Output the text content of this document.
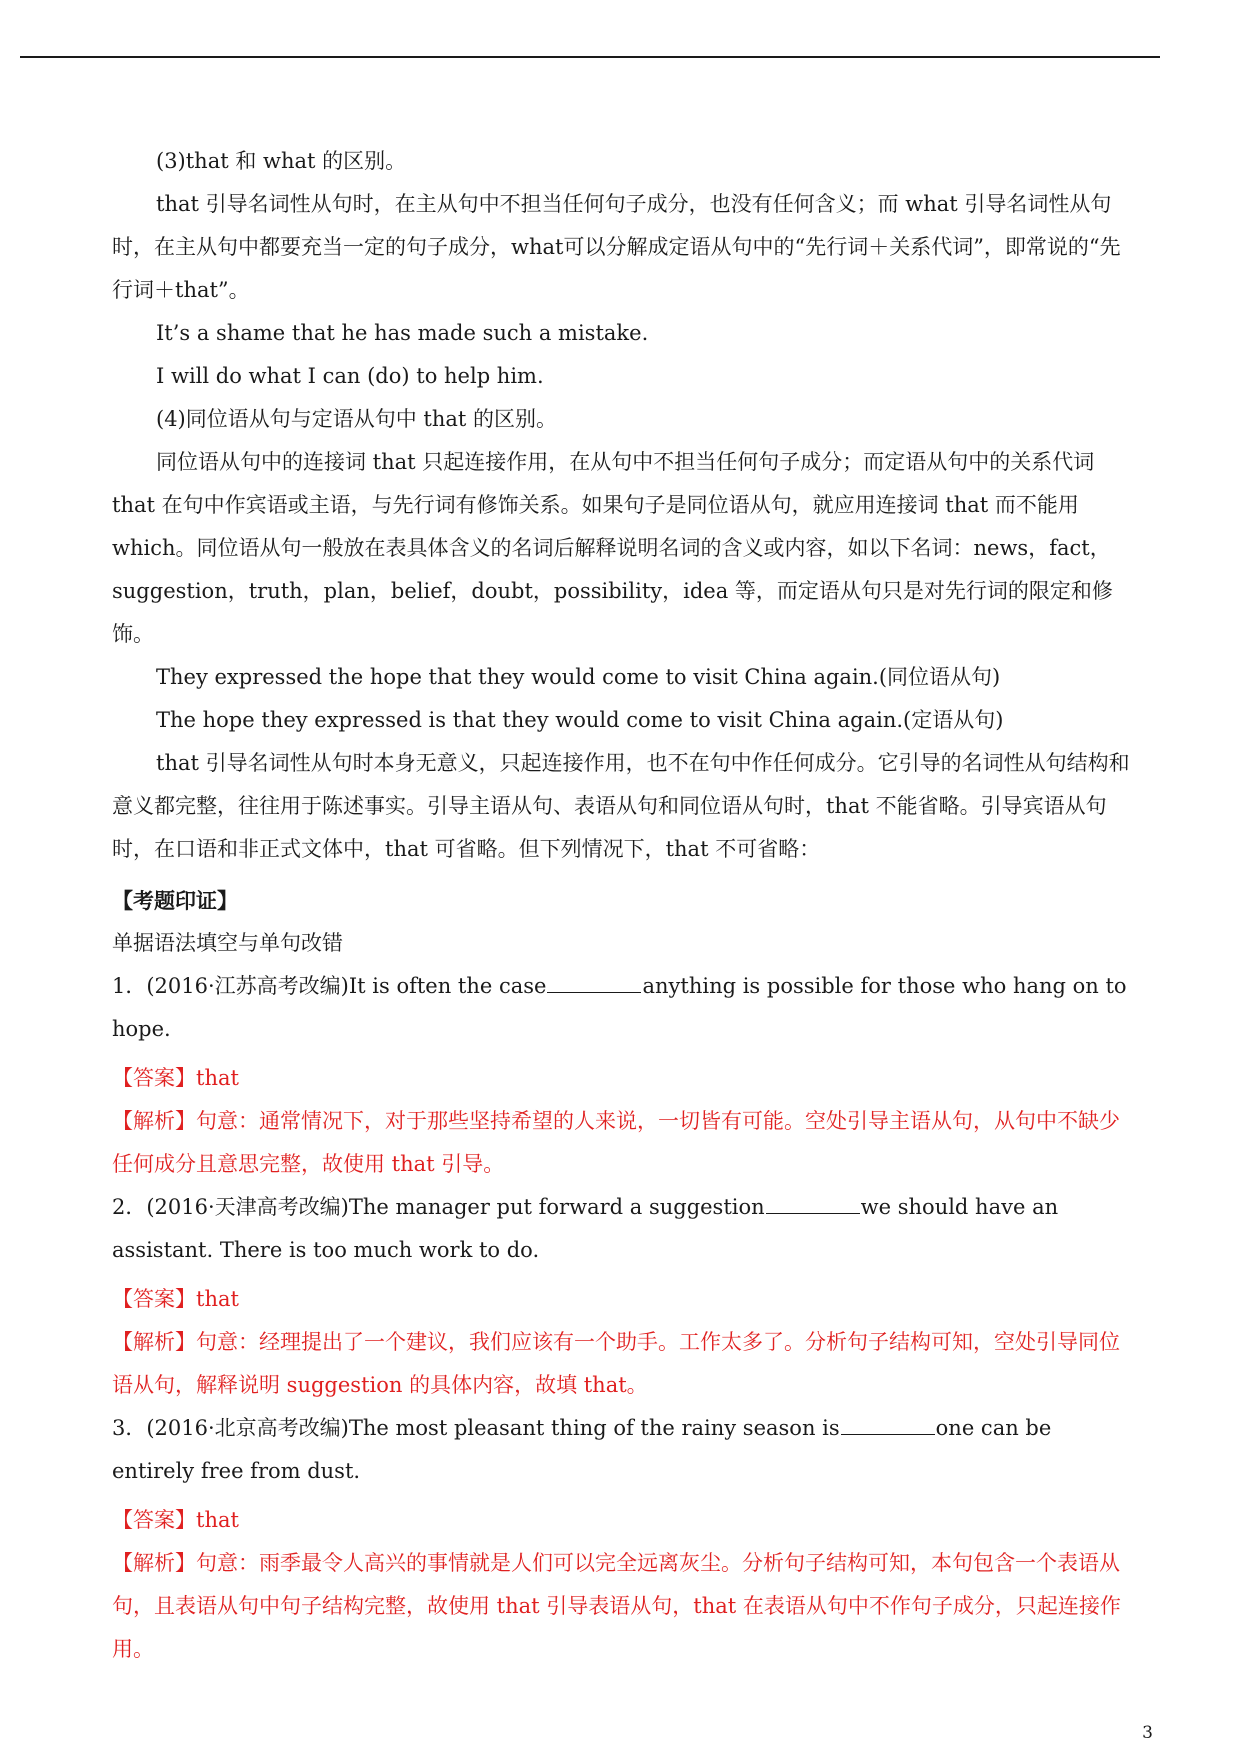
(3)that 和 what 的区别。

that 引导名词性从句时，在主从句中不担当任何句子成分，也没有任何含义；而 what 引导名词性从句时，在主从句中都要充当一定的句子成分，what可以分解成定语从句中的“先行词＋关系代词”，即常说的“先行词＋that”。

It’s a shame that he has made such a mistake.

I will do what I can (do) to help him.

(4)同位语从句与定语从句中 that 的区别。

同位语从句中的连接词 that 只起连接作用，在从句中不担当任何句子成分；而定语从句中的关系代词 that 在句中作宾语或主语，与先行词有修饰关系。如果句子是同位语从句，就应用连接词 that 而不能用 which。同位语从句一般放在表具体含义的名词后解释说明名词的含义或内容，如以下名词：news，fact，suggestion，truth，plan，belief，doubt，possibility，idea 等，而定语从句只是对先行词的限定和修饰。

They expressed the hope that they would come to visit China again.(同位语从句)

The hope they expressed is that they would come to visit China again.(定语从句)

that 引导名词性从句时本身无意义，只起连接作用，也不在句中作任何成分。它引导的名词性从句结构和意义都完整，往往用于陈述事实。引导主语从句、表语从句和同位语从句时，that 不能省略。引导宾语从句时，在口语和非正式文体中，that 可省略。但下列情况下，that 不可省略：

【考题印证】

单据语法填空与单句改错

1．(2016·江苏高考改编)It is often the case	anything is possible for those who hang on to hope.

【答案】that

【解析】句意：通常情况下，对于那些坚持希望的人来说，一切皆有可能。空处引导主语从句，从句中不缺少任何成分且意思完整，故使用 that 引导。

2．(2016·天津高考改编)The manager put forward a suggestion	we should have an assistant. There is too much work to do.

【答案】that

【解析】句意：经理提出了一个建议，我们应该有一个助手。工作太多了。分析句子结构可知，空处引导同位语从句，解释说明 suggestion 的具体内容，故填 that。

3．(2016·北京高考改编)The most pleasant thing of the rainy season is	one can be entirely free from dust.

【答案】that

【解析】句意：雨季最令人高兴的事情就是人们可以完全远离灰尘。分析句子结构可知，本句包含一个表语从句，且表语从句中句子结构完整，故使用 that 引导表语从句，that 在表语从句中不作句子成分，只起连接作用。

3
